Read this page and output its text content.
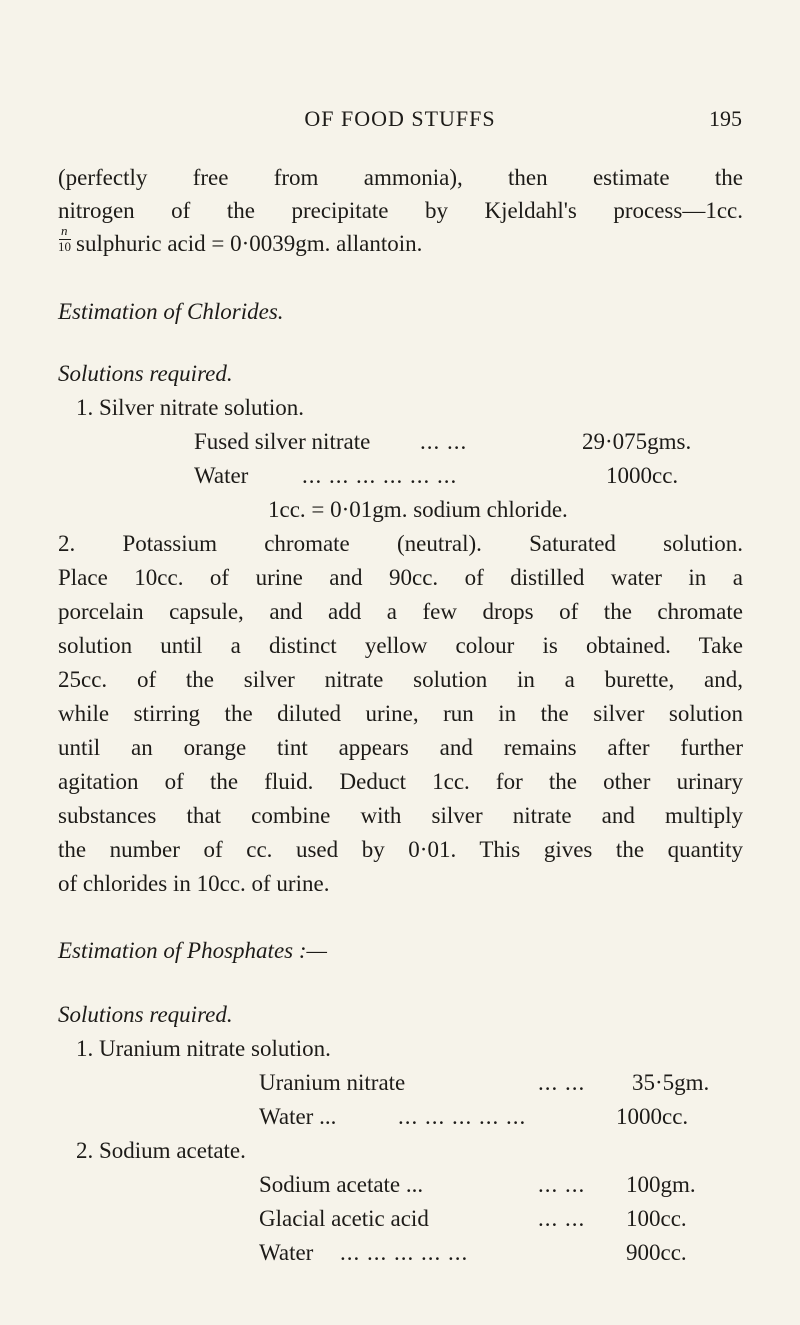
OF FOOD STUFFS	195
(perfectly free from ammonia), then estimate the
nitrogen of the precipitate by Kjeldahl's process—1cc.
$\frac{n}{10}$ sulphuric acid = 0·0039gm. allantoin.
Estimation of Chlorides.
Solutions required.
1. Silver nitrate solution.
Fused silver nitrate ... ...	29·075gms.
Water ... ... ... ... ... ...	1000cc.
1cc. = 0·01gm. sodium chloride.
2. Potassium chromate (neutral). Saturated solution.
Place 10cc. of urine and 90cc. of distilled water in a
porcelain capsule, and add a few drops of the chromate
solution until a distinct yellow colour is obtained. Take
25cc. of the silver nitrate solution in a burette, and,
while stirring the diluted urine, run in the silver solution
until an orange tint appears and remains after further
agitation of the fluid. Deduct 1cc. for the other urinary
substances that combine with silver nitrate and multiply
the number of cc. used by 0·01. This gives the quantity
of chlorides in 10cc. of urine.
Estimation of Phosphates :—
Solutions required.
1. Uranium nitrate solution.
Uranium nitrate	... ... 35·5gm.
Water ...	... ... ... ... ...	1000cc.
2. Sodium acetate.
Sodium acetate ...	... ... 100gm.
Glacial acetic acid	... ... 100cc.
Water ... ... ... ... ...	900cc.
